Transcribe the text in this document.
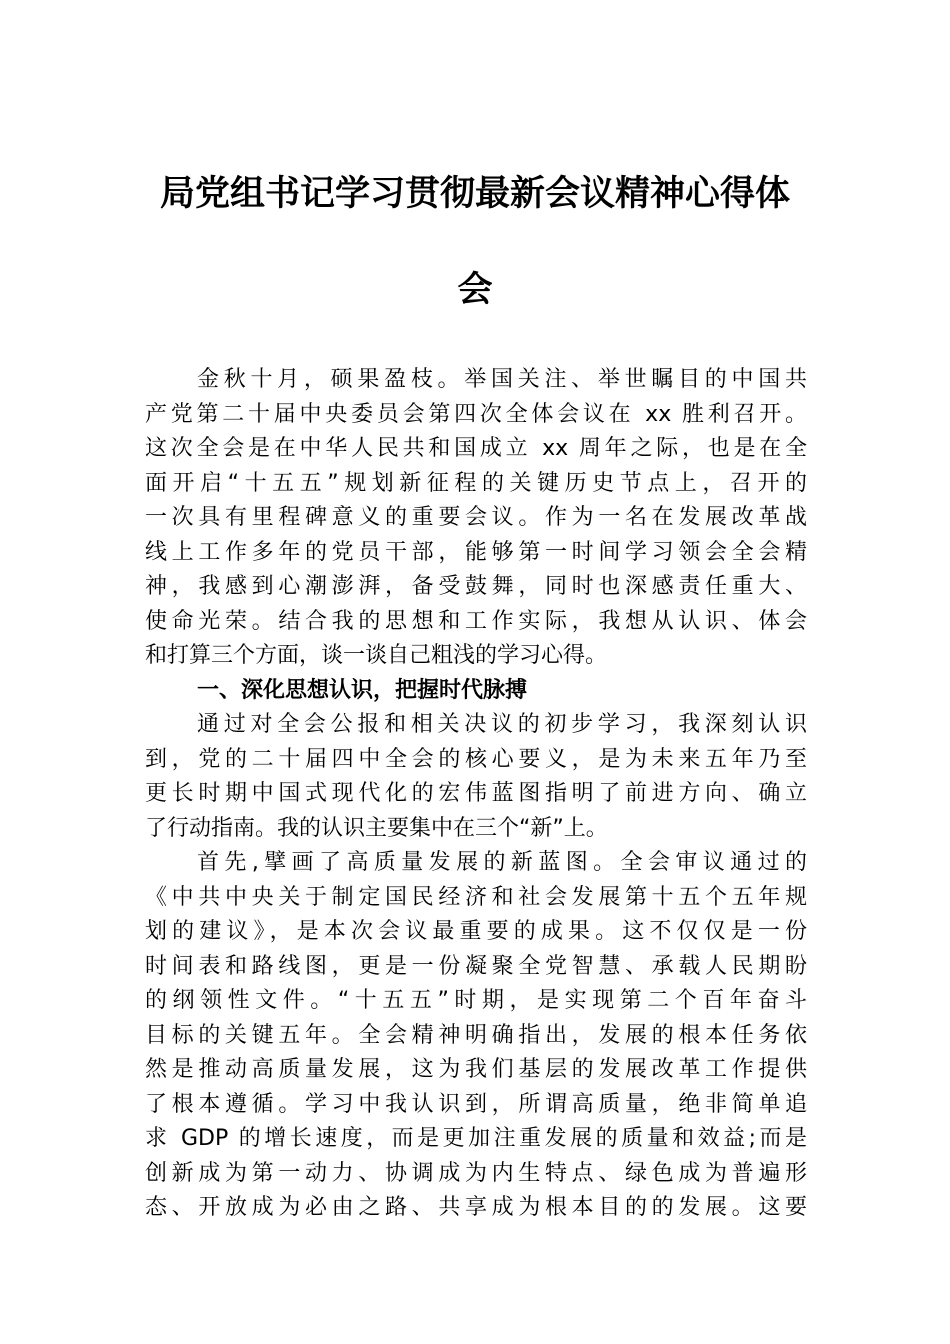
局党组书记学习贯彻最新会议精神心得体
会
金秋十月，硕果盈枝。举国关注、举世瞩目的中国共
产党第二十届中央委员会第四次全体会议在 xx 胜利召开。
这次全会是在中华人民共和国成立 xx 周年之际，也是在全
面开启“十五五”规划新征程的关键历史节点上，召开的
一次具有里程碑意义的重要会议。作为一名在发展改革战
线上工作多年的党员干部，能够第一时间学习领会全会精
神，我感到心潮澎湃，备受鼓舞，同时也深感责任重大、
使命光荣。结合我的思想和工作实际，我想从认识、体会
和打算三个方面，谈一谈自己粗浅的学习心得。
一、深化思想认识，把握时代脉搏
通过对全会公报和相关决议的初步学习，我深刻认识
到，党的二十届四中全会的核心要义，是为未来五年乃至
更长时期中国式现代化的宏伟蓝图指明了前进方向、确立
了行动指南。我的认识主要集中在三个“新”上。
首先,擘画了高质量发展的新蓝图。全会审议通过的
《中共中央关于制定国民经济和社会发展第十五个五年规
划的建议》，是本次会议最重要的成果。这不仅仅是一份
时间表和路线图，更是一份凝聚全党智慧、承载人民期盼
的纲领性文件。“十五五”时期，是实现第二个百年奋斗
目标的关键五年。全会精神明确指出，发展的根本任务依
然是推动高质量发展，这为我们基层的发展改革工作提供
了根本遵循。学习中我认识到，所谓高质量，绝非简单追
求 GDP 的增长速度，而是更加注重发展的质量和效益;而是
创新成为第一动力、协调成为内生特点、绿色成为普遍形
态、开放成为必由之路、共享成为根本目的的发展。这要
